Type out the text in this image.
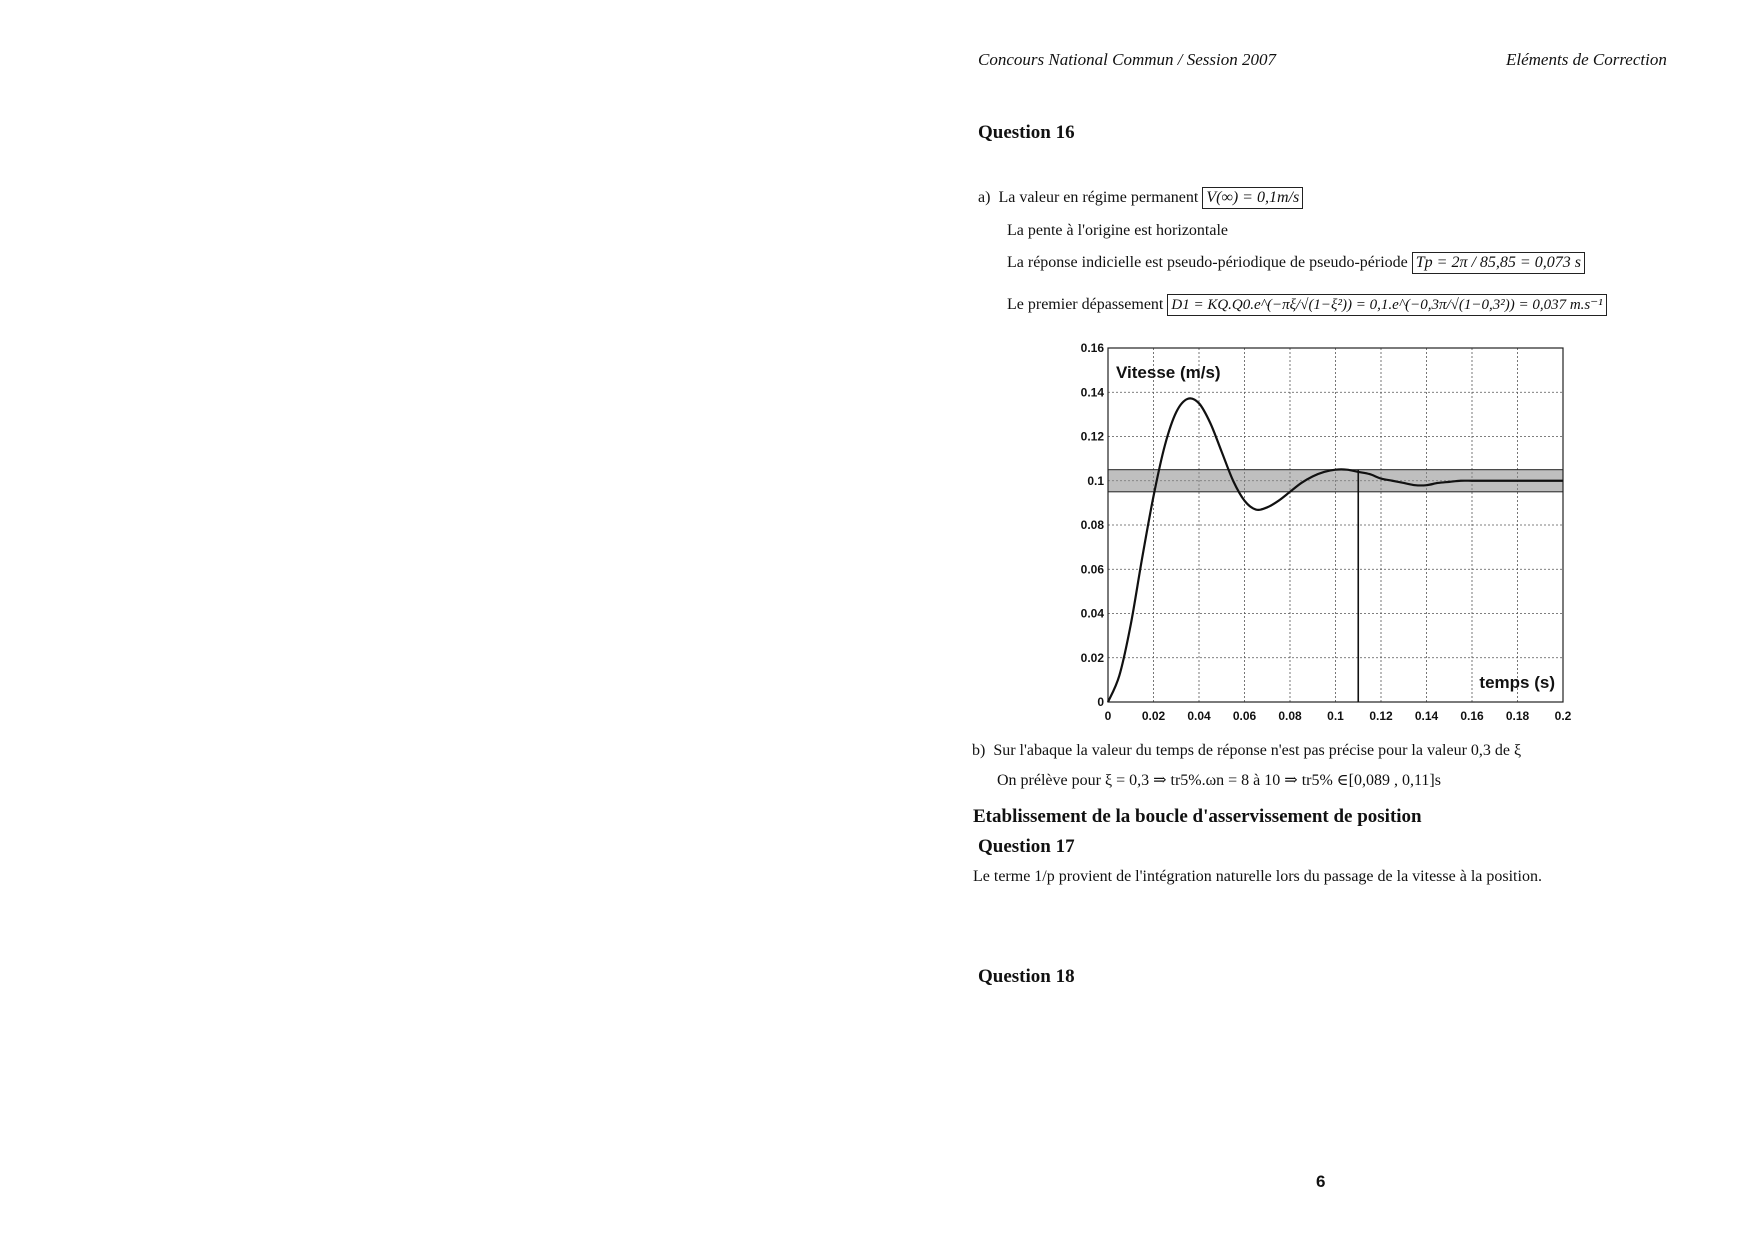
Concours National Commun / Session 2007	Eléments de Correction
Question 16
a) La valeur en régime permanent V(∞) = 0,1m/s
La pente à l'origine est horizontale
La réponse indicielle est pseudo-périodique de pseudo-période Tp = 2π / 85,85 = 0,073 s
Le premier dépassement D1 = KQ.Q0.e^(−πξ/√(1−ξ²)) = 0,1.e^(−0,3π/√(1−0,3²)) = 0,037 m.s⁻¹
0
0.02
0.04
0.06
0.08
0.1
0.12
0.14
0.16
0	0.02 0.04 0.06 0.08 0.1 0.12 0.14 0.16 0.18 0.2
Vitesse (m/s)
temps (s)
b) Sur l'abaque la valeur du temps de réponse n'est pas précise pour la valeur 0,3 de ξ
On prélève pour ξ = 0,3 ⇒ tr5%.ωn = 8 à 10 ⇒ tr5% ∈[0,089 , 0,11]s
Etablissement de la boucle d'asservissement de position
Question 17
Le terme 1/p provient de l'intégration naturelle lors du passage de la vitesse à la position.
Question 18
6
